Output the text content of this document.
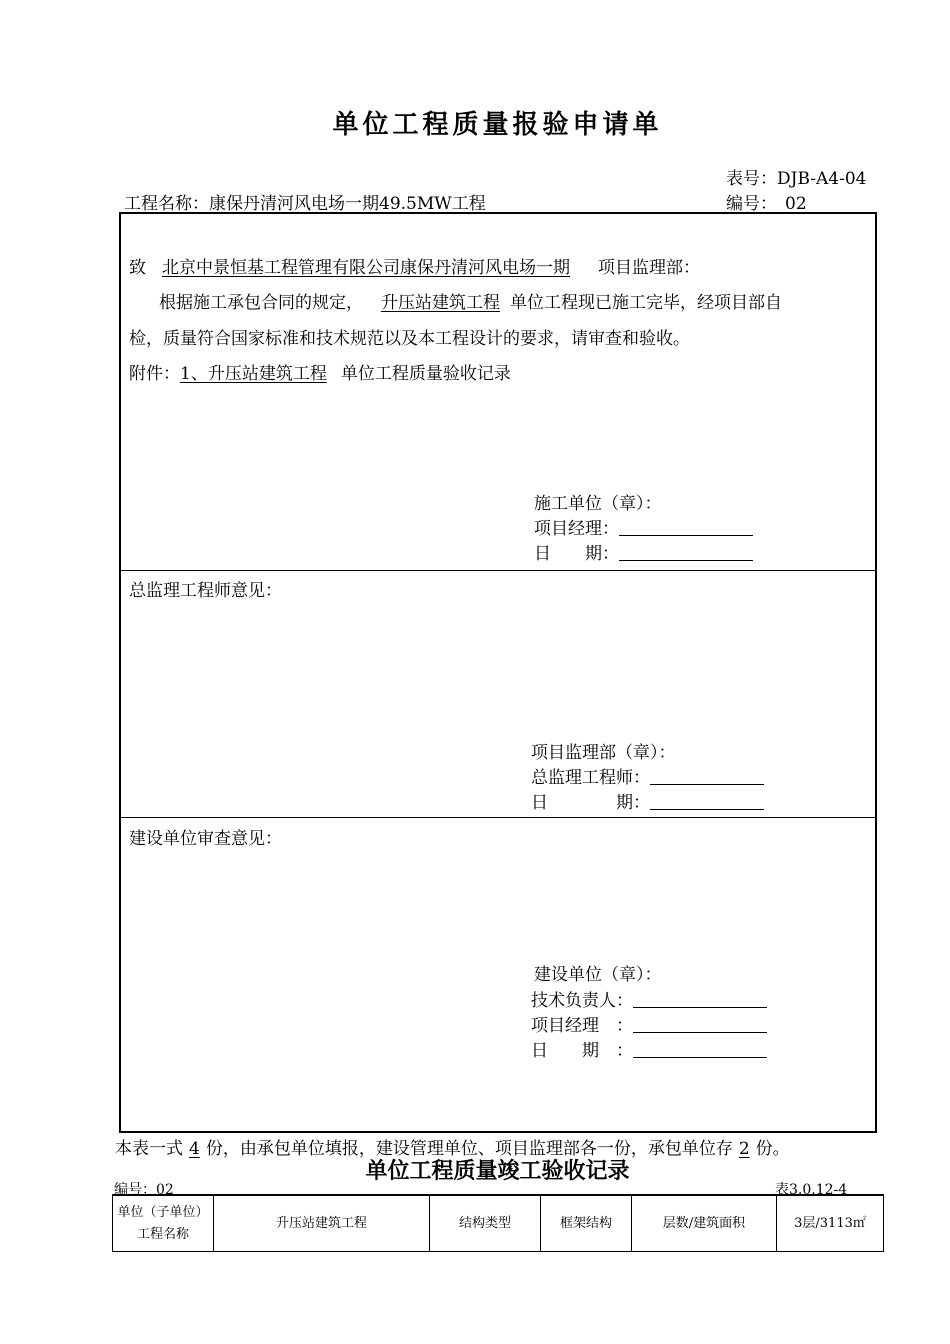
单位工程质量报验申请单
表号：DJB-A4-04
工程名称：康保丹清河风电场一期49.5MW工程	编号： 02
致 北京中景恒基工程管理有限公司康保丹清河风电场一期 项目监理部：
根据施工承包合同的规定， 升压站建筑工程 单位工程现已施工完毕，经项目部自
检，质量符合国家标准和技术规范以及本工程设计的要求，请审查和验收。
附件：1、升压站建筑工程 单位工程质量验收记录
施工单位（章）：
项目经理：
日　　期：
总监理工程师意见：
项目监理部（章）：
总监理工程师：
日　　　　期：
建设单位审查意见：
建设单位（章）：
技术负责人：
项目经理　：
日　　期　：
本表一式 4 份，由承包单位填报，建设管理单位、项目监理部各一份，承包单位存 2 份。
单位工程质量竣工验收记录
编号：02	表3.0.12-4
单位（子单位）
工程名称
	升压站建筑工程	结构类型	框架结构	层数/建筑面积	3层/3113㎡
